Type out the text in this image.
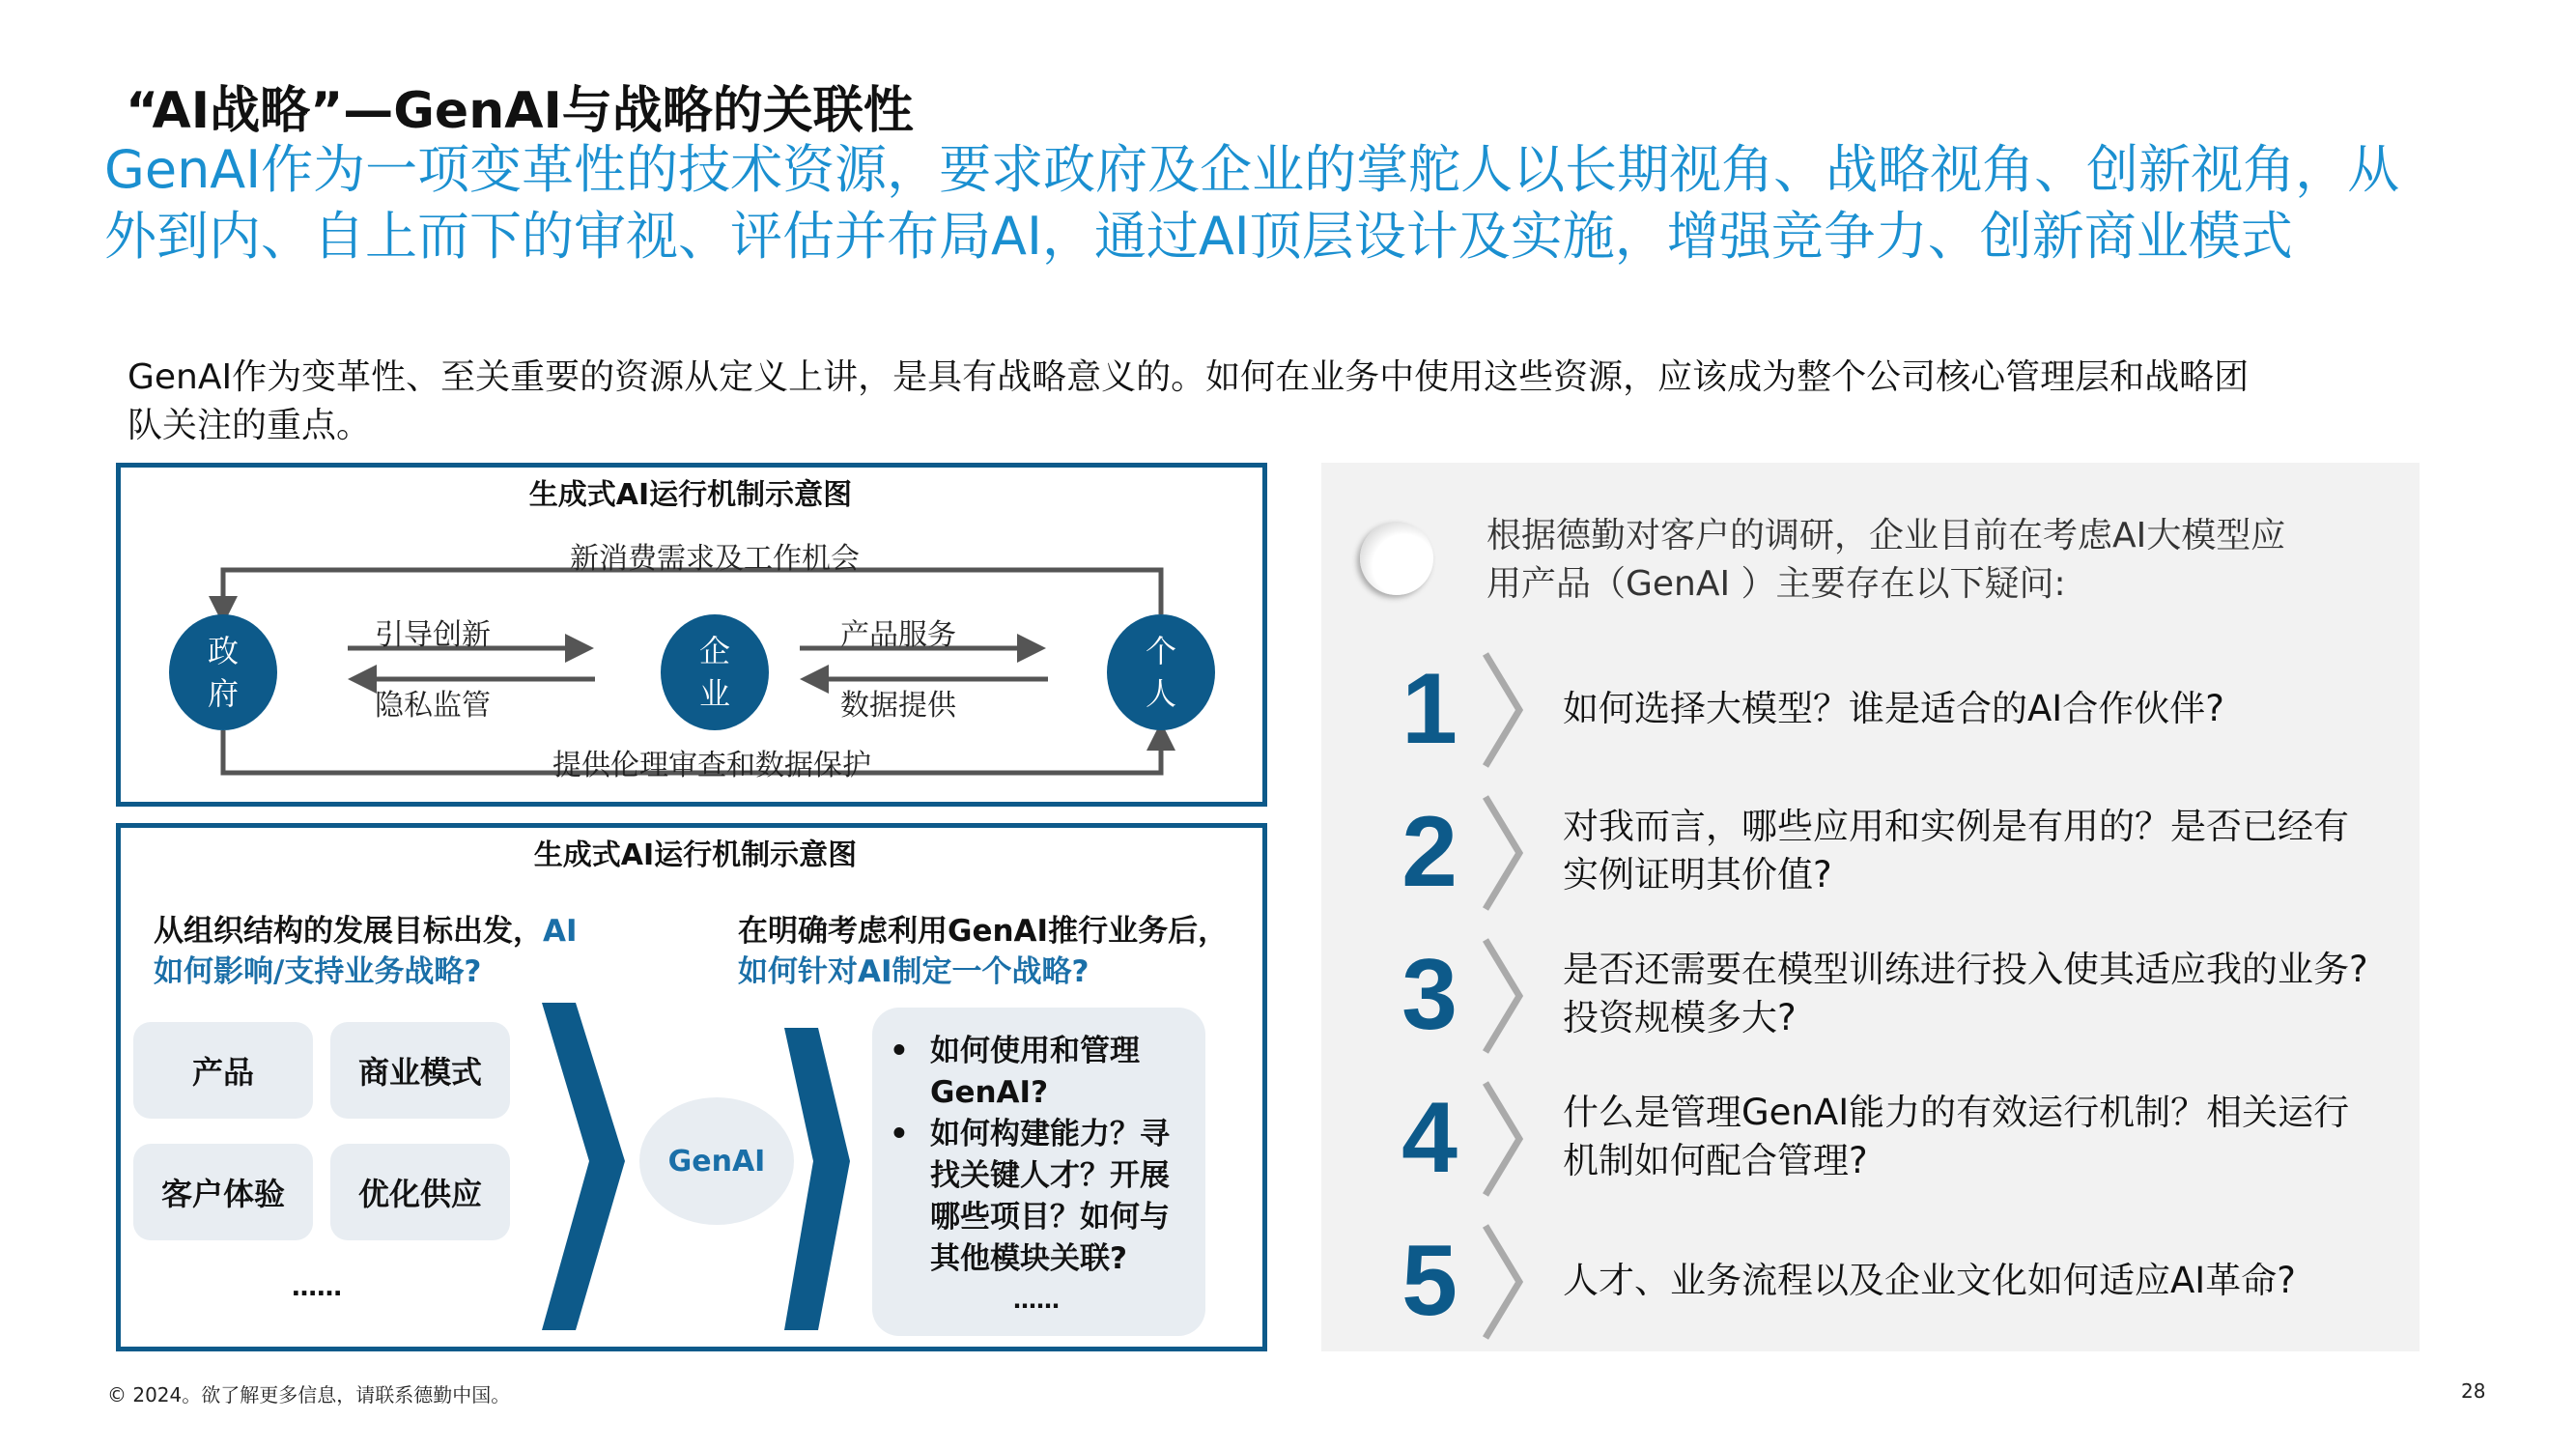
“AI战略”—GenAI与战略的关联性
GenAI作为一项变革性的技术资源，要求政府及企业的掌舵人以长期视角、战略视角、创新视角，从
外到内、自上而下的审视、评估并布局AI，通过AI顶层设计及实施，增强竞争力、创新商业模式
GenAI作为变革性、至关重要的资源从定义上讲，是具有战略意义的。如何在业务中使用这些资源，应该成为整个公司核心管理层和战略团
队关注的重点。
生成式AI运行机制示意图
新消费需求及工作机会
提供伦理审查和数据保护
引导创新
隐私监管
产品服务
数据提供
政
府
企
业
个
人
生成式AI运行机制示意图
从组织结构的发展目标出发，AI
如何影响/支持业务战略?
在明确考虑利用GenAI推行业务后，
如何针对AI制定一个战略?
产品	商业模式
客户体验	优化供应
……
GenAI
• 如何使用和管理
GenAI?
• 如何构建能力？寻
找关键人才？开展
哪些项目？如何与
其他模块关联?
……
根据德勤对客户的调研，企业目前在考虑AI大模型应
用产品（GenAI ）主要存在以下疑问:
1	如何选择大模型？谁是适合的AI合作伙伴?
2	对我而言，哪些应用和实例是有用的？是否已经有
实例证明其价值?
3	是否还需要在模型训练进行投入使其适应我的业务?
投资规模多大?
4	什么是管理GenAI能力的有效运行机制？相关运行
机制如何配合管理?
5	人才、业务流程以及企业文化如何适应AI革命?
© 2024。欲了解更多信息，请联系德勤中国。	28
